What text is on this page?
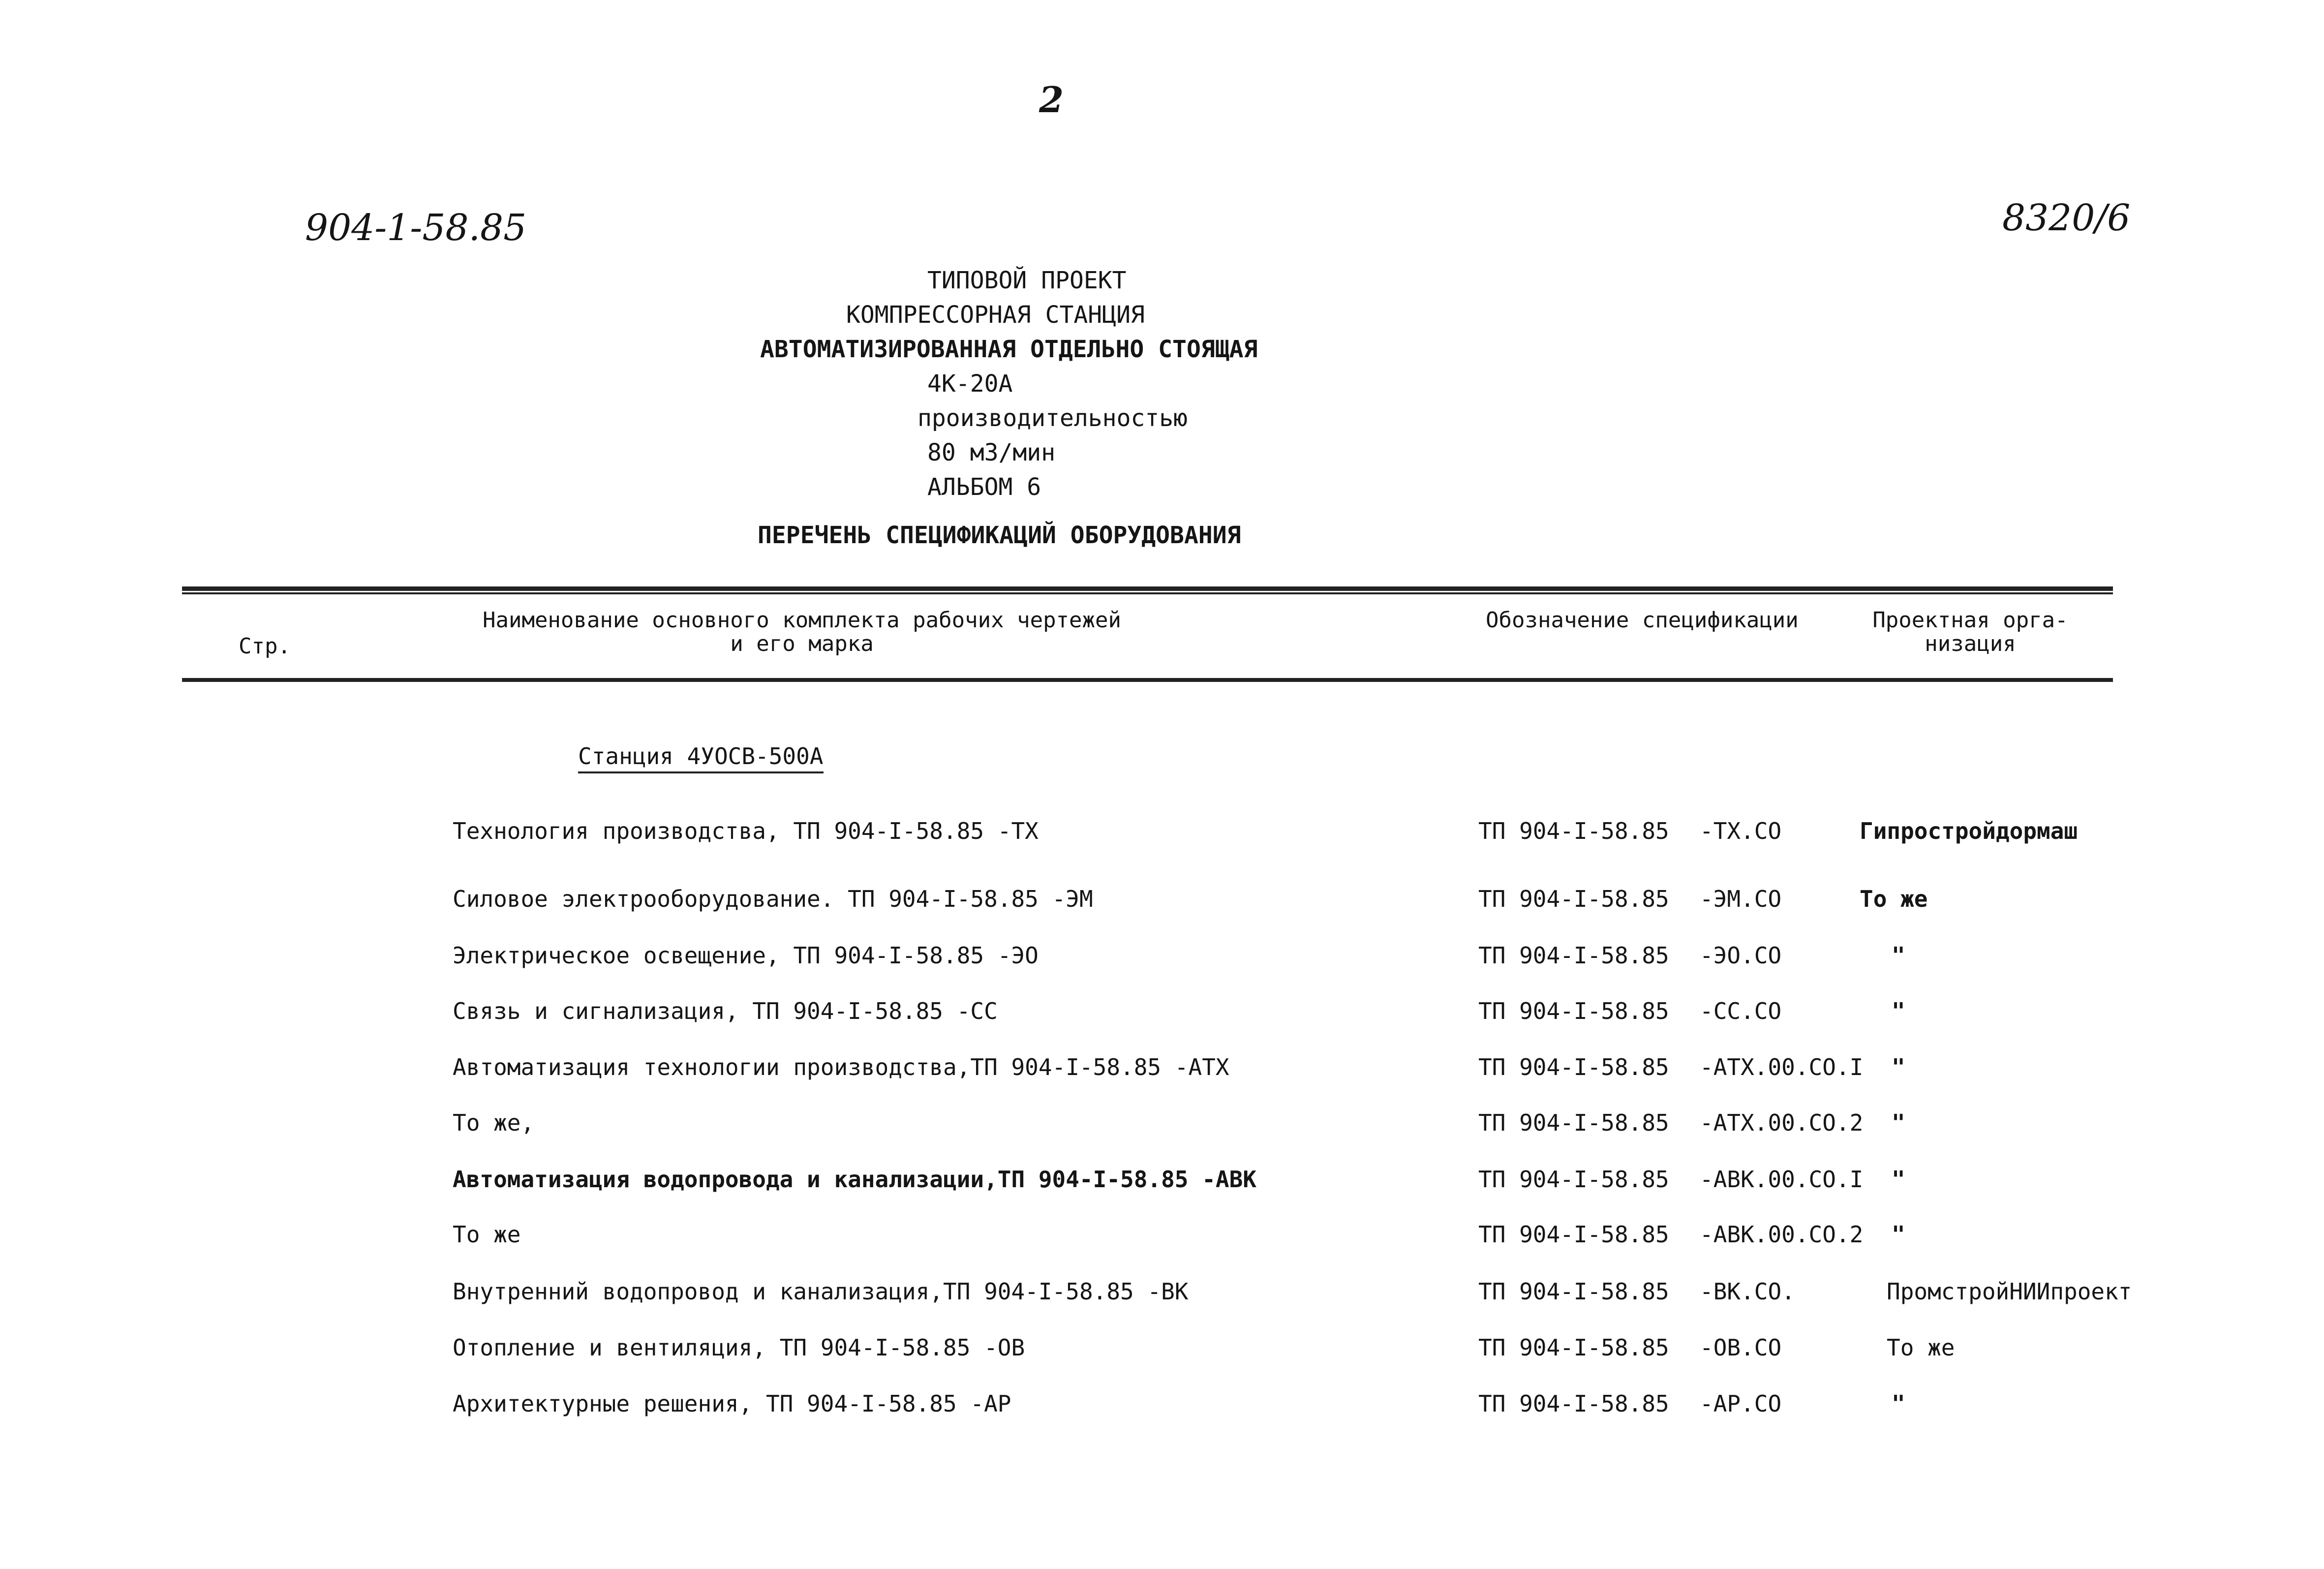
2
904-1-58.85	8320/6
ТИПОВОЙ ПРОЕКТ
КОМПРЕССОРНАЯ СТАНЦИЯ
АВТОМАТИЗИРОВАННАЯ ОТДЕЛЬНО СТОЯЩАЯ
4К-20А
производительностью
80 м3/мин
АЛЬБОМ 6
ПЕРЕЧЕНЬ СПЕЦИФИКАЦИЙ ОБОРУДОВАНИЯ
Стр.
Наименование основного комплекта рабочих чертежей
и его марка
Обозначение спецификации	Проектная орга-
низация
Станция 4УОСВ-500А
Технология производства, ТП 904-I-58.85 -ТХ	ТП 904-I-58.85 -ТХ.СО	Гипростройдормаш
Силовое электрооборудование. ТП 904-I-58.85 -ЭМ	ТП 904-I-58.85 -ЭМ.СО	То же
Электрическое освещение, ТП 904-I-58.85 -ЭО	ТП 904-I-58.85 -ЭО.СО	"
Связь и сигнализация, ТП 904-I-58.85 -СС	ТП 904-I-58.85 -СС.СО	"
Автоматизация технологии производства,ТП 904-I-58.85 -АТХ	ТП 904-I-58.85 -АТХ.00.СО.I "
То же,	ТП 904-I-58.85 -АТХ.00.СО.2 "
Автоматизация водопровода и канализации,ТП 904-I-58.85 -АВК	ТП 904-I-58.85 -АВК.00.СО.I "
То же	ТП 904-I-58.85 -АВК.00.СО.2 "
Внутренний водопровод и канализация,ТП 904-I-58.85 -ВК	ТП 904-I-58.85 -ВК.СО.	ПромстройНИИпроект
Отопление и вентиляция, ТП 904-I-58.85 -ОВ	ТП 904-I-58.85 -ОВ.СО	То же
Архитектурные решения, ТП 904-I-58.85 -АР	ТП 904-I-58.85 -АР.СО	"
